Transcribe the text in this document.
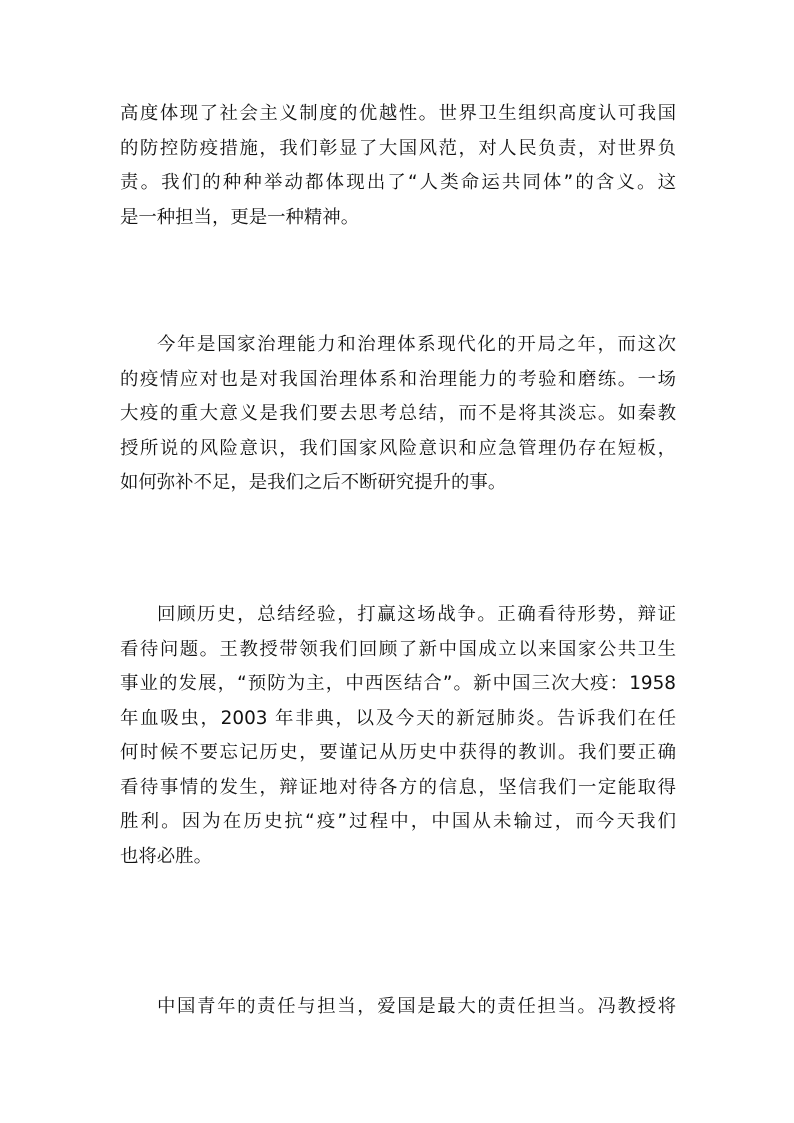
高度体现了社会主义制度的优越性。世界卫生组织高度认可我国
的防控防疫措施，我们彰显了大国风范，对人民负责，对世界负
责。我们的种种举动都体现出了“人类命运共同体”的含义。这
是一种担当，更是一种精神。
今年是国家治理能力和治理体系现代化的开局之年，而这次
的疫情应对也是对我国治理体系和治理能力的考验和磨练。一场
大疫的重大意义是我们要去思考总结，而不是将其淡忘。如秦教
授所说的风险意识，我们国家风险意识和应急管理仍存在短板，
如何弥补不足，是我们之后不断研究提升的事。
回顾历史，总结经验，打赢这场战争。正确看待形势，辩证
看待问题。王教授带领我们回顾了新中国成立以来国家公共卫生
事业的发展，“预防为主，中西医结合”。新中国三次大疫：1958
年血吸虫，2003 年非典，以及今天的新冠肺炎。告诉我们在任
何时候不要忘记历史，要谨记从历史中获得的教训。我们要正确
看待事情的发生，辩证地对待各方的信息，坚信我们一定能取得
胜利。因为在历史抗“疫”过程中，中国从未输过，而今天我们
也将必胜。
中国青年的责任与担当，爱国是最大的责任担当。冯教授将
